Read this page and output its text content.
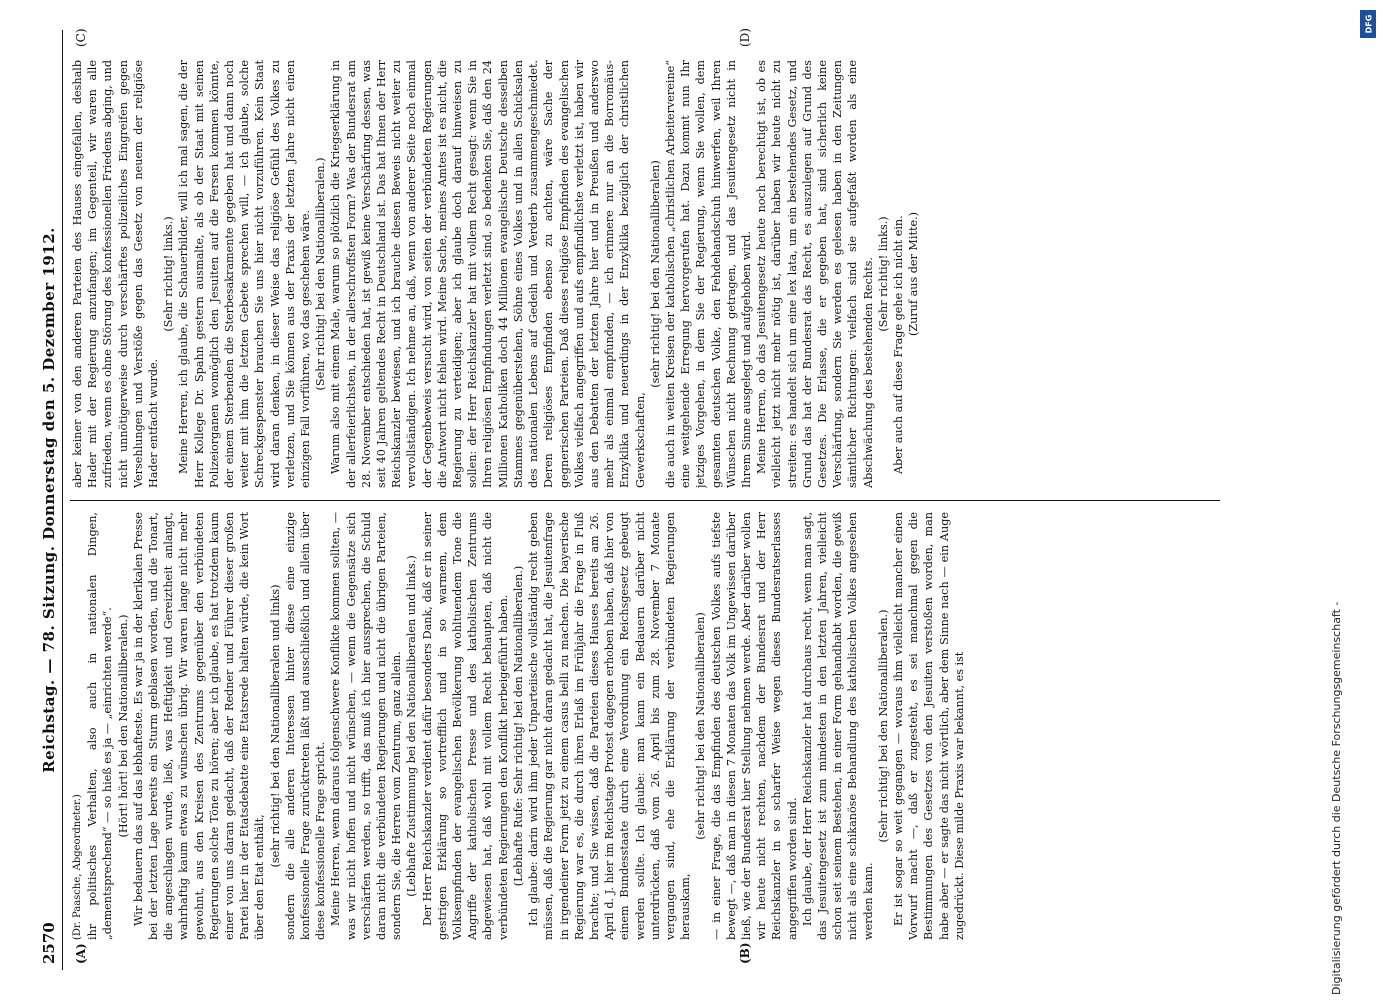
2570
Reichstag. — 78. Sitzung. Donnerstag den 5. Dezember 1912.
(A)	(B)
(C)	(D)

(Dr. Paasche, Abgeordneter.) ihr politisches Verhalten, also auch in nationalen Dingen, „dementsprechend“ — so hieß es ja — „einrichten werde“. (Hört! hört! bei den Nationalliberalen.) Wir bedauern das auf das lebhafteste. Es war ja in der klerikalen Presse bei der letzten Lage bereits ein Sturm geblasen worden, und die Tonart, die angeschlagen wurde, ließ, was Heftigkeit und Gereiztheit anlangt, wahrhaftig kaum etwas zu wünschen übrig. Wir waren lange nicht mehr gewohnt, aus den Kreisen des Zentrums gegenüber den verbündeten Regierungen solche Töne zu hören; aber ich glaube, es hat trotzdem kaum einer von uns daran gedacht, daß der Redner und Führer dieser großen Partei hier in der Etatsdebatte eine Etatsrede halten würde, die kein Wort über den Etat enthält,

(sehr richtig! bei den Nationalliberalen und links) sondern die alle anderen Interessen hinter diese eine einzige konfessionelle Frage zurücktreten läßt und ausschließlich und allein über diese konfessionelle Frage spricht. Meine Herren, wenn daraus folgenschwere Konflikte kommen sollten, — was wir nicht hoffen und nicht wünschen, — wenn die Gegensätze sich verschärfen werden, so trifft, das muß ich hier aussprechen, die Schuld daran nicht die verbündeten Regierungen und nicht die übrigen Parteien, sondern Sie, die Herren vom Zentrum, ganz allein. (Lebhafte Zustimmung bei den Nationalliberalen und links.) Der Herr Reichskanzler verdient dafür besonders Dank, daß er in seiner gestrigen Erklärung so vortrefflich und in so warmem, dem Volksempfinden der evangelischen Bevölkerung wohltuendem Tone die Angriffe der katholischen Presse und des katholischen Zentrums abgewiesen hat, daß wohl mit vollem Recht behaupten, daß nicht die verbündeten Regierungen den Konflikt herbeigeführt haben. (Lebhafte Rufe: Sehr richtig! bei den Nationalliberalen.) Ich glaube: darin wird ihm jeder Unparteiische vollständig recht geben müssen, daß die Regierung gar nicht daran gedacht hat, die Jesuitenfrage in irgendeiner Form jetzt zu einem casus belli zu machen. Die bayerische Regierung war es, die durch ihren Erlaß im Frühjahr die Frage in Fluß brachte; und Sie wissen, daß die Parteien dieses Hauses bereits am 26. April d. J. hier im Reichstage Protest dagegen erhoben haben, daß hier von einem Bundesstaate durch eine Verordnung ein Reichsgesetz gebeugt werden sollte. Ich glaube: man kann ein Bedauern darüber nicht unterdrücken, daß vom 26. April bis zum 28. November 7 Monate vergangen sind, ehe die Erklärung der verbündeten Regierungen herauskam,

(sehr richtig! bei den Nationalliberalen) — in einer Frage, die das Empfinden des deutschen Volkes aufs tiefste bewegt —, daß man in diesen 7 Monaten das Volk im Ungewissen darüber ließ, wie der Bundesrat hier Stellung nehmen werde. Aber darüber wollen wir heute nicht rechten, nachdem der Bundesrat und der Herr Reichskanzler in so scharfer Weise wegen dieses Bundesratserlasses angegriffen worden sind. Ich glaube, der Herr Reichskanzler hat durchaus recht, wenn man sagt, das Jesuitengesetz ist zum mindesten in den letzten Jahren, vielleicht schon seit seinem Bestehen, in einer Form gehandhabt worden, die gewiß nicht als eine schikanöse Behandlung des katholischen Volkes angesehen werden kann.

(Sehr richtig! bei den Nationalliberalen.) Er ist sogar so weit gegangen — woraus ihm vielleicht mancher einen Vorwurf macht —, daß er zugesteht, es sei manchmal gegen die Bestimmungen des Gesetzes von den Jesuiten verstoßen worden, man habe aber — er sagte das nicht wörtlich, aber dem Sinne nach — ein Auge zugedrückt. Diese milde Praxis war bekannt, es ist

aber keiner von den anderen Parteien des Hauses eingefallen, deshalb Hader mit der Regierung anzufangen; im Gegenteil, wir waren alle zufrieden, wenn es ohne Störung des konfessionellen Friedens abging, und nicht unnötigerweise durch verschärftes polizeiliches Eingreifen gegen Versehlungen und Verstöße gegen das Gesetz von neuem der religiöse Hader entfacht wurde.

(Sehr richtig! links.) Meine Herren, ich glaube, die Schauerbilder, will ich mal sagen, die der Herr Kollege Dr. Spahn gestern ausmalte, als ob der Staat mit seinen Polizeiorganen womöglich den Jesuiten auf die Fersen kommen könnte, der einem Sterbenden die Sterbesakramente gegeben hat und dann noch weiter mit ihm die letzten Gebete sprechen will, — ich glaube, solche Schreckgespenster brauchen Sie uns hier nicht vorzuführen. Kein Staat wird daran denken, in dieser Weise das religiöse Gefühl des Volkes zu verletzen, und Sie können aus der Praxis der letzten Jahre nicht einen einzigen Fall vorführen, wo das geschehen wäre. (Sehr richtig! bei den Nationalliberalen.) Warum also mit einem Male, warum so plötzlich die Kriegserklärung in der allerfeierlichsten, in der allerschroffsten Form? Was der Bundesrat am 28. November entschieden hat, ist gewiß keine Verschärfung dessen, was seit 40 Jahren geltendes Recht in Deutschland ist. Das hat Ihnen der Herr Reichskanzler bewiesen, und ich brauche diesen Beweis nicht weiter zu vervollständigen. Ich nehme an, daß, wenn von anderer Seite noch einmal der Gegenbeweis versucht wird, von seiten der verbündeten Regierungen die Antwort nicht fehlen wird. Meine Sache, meines Amtes ist es nicht, die Regierung zu verteidigen; aber ich glaube doch darauf hinweisen zu sollen: der Herr Reichskanzler hat mit vollem Recht gesagt: wenn Sie in Ihren religiösen Empfindungen verletzt sind, so bedenken Sie, daß den 24 Millionen Katholiken doch 44 Millionen evangelische Deutsche desselben Stammes gegenüberstehen, Söhne eines Volkes und in allen Schicksalen des nationalen Lebens auf Gedeih und Verderb zusammengeschmiedet. Deren religiöses Empfinden ebenso zu achten, wäre Sache der gegnerischen Parteien. Daß dieses religiöse Empfinden des evangelischen Volkes vielfach angegriffen und aufs empfindlichste verletzt ist, haben wir aus den Debatten der letzten Jahre hier und in Preußen und anderswo mehr als einmal empfunden, — ich erinnere nur an die Borromäus-Enzyklika und neuerdings in der Enzyklika bezüglich der christlichen Gewerkschaften,

(sehr richtig! bei den Nationalliberalen) die auch in weiten Kreisen der katholischen „christlichen Arbeitervereine“ eine weitgehende Erregung hervorgerufen hat. Dazu kommt nun Ihr jetziges Vorgehen, in dem Sie der Regierung, wenn Sie wollen, dem gesamten deutschen Volke, den Fehdehandschuh hinwerfen, weil Ihren Wünschen nicht Rechnung getragen, und das Jesuitengesetz nicht in Ihrem Sinne ausgelegt und aufgehoben wird. Meine Herren, ob das Jesuitengesetz heute noch berechtigt ist, ob es vielleicht jetzt nicht mehr nötig ist, darüber haben wir heute nicht zu streiten: es handelt sich um eine lex lata, um ein bestehendes Gesetz, und Grund das hat der Bundesrat das Recht, es auszulegen auf Grund des Gesetzes. Die Erlasse, die er gegeben hat, sind sicherlich keine Verschärfung, sondern Sie werden es gelesen haben in den Zeitungen sämtlicher Richtungen: vielfach sind sie aufgefaßt worden als eine Abschwächung des bestehenden Rechts. (Sehr richtig! links.) Aber auch auf diese Frage gehe ich nicht ein. (Zuruf aus der Mitte.)

Digitalisierung gefördert durch die Deutsche Forschungsgemeinschaft -
DFG
